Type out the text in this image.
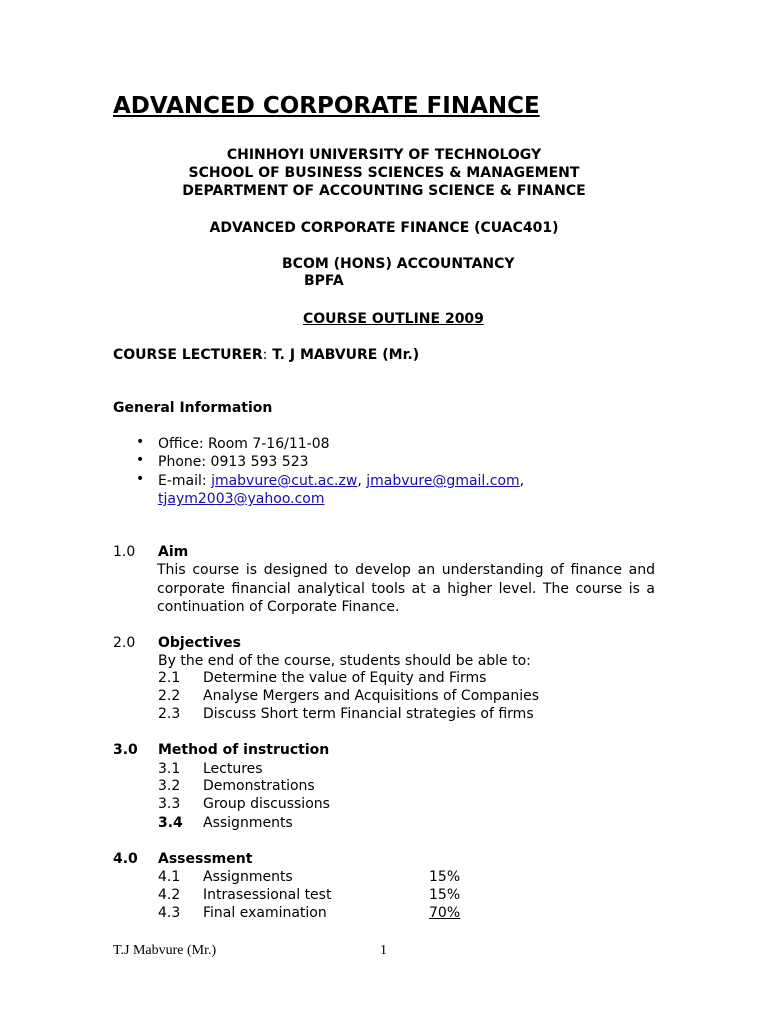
ADVANCED CORPORATE FINANCE
CHINHOYI UNIVERSITY OF TECHNOLOGY
SCHOOL OF BUSINESS SCIENCES & MANAGEMENT
DEPARTMENT OF ACCOUNTING SCIENCE & FINANCE
ADVANCED CORPORATE FINANCE (CUAC401)
BCOM (HONS) ACCOUNTANCY
BPFA
COURSE OUTLINE 2009
COURSE LECTURER: T. J MABVURE (Mr.)
General Information
• Office: Room 7-16/11-08
• Phone: 0913 593 523
• E-mail: jmabvure@cut.ac.zw, jmabvure@gmail.com,
tjaym2003@yahoo.com
1.0 Aim
This course is designed to develop an understanding of finance and corporate financial analytical tools at a higher level. The course is a continuation of Corporate Finance.
2.0 Objectives
By the end of the course, students should be able to:
2.1 Determine the value of Equity and Firms
2.2 Analyse Mergers and Acquisitions of Companies
2.3 Discuss Short term Financial strategies of firms
3.0 Method of instruction
3.1 Lectures
3.2 Demonstrations
3.3 Group discussions
3.4 Assignments
4.0 Assessment
4.1 Assignments	15%
4.2 Intrasessional test	15%
4.3 Final examination	70%
T.J Mabvure (Mr.)	1
